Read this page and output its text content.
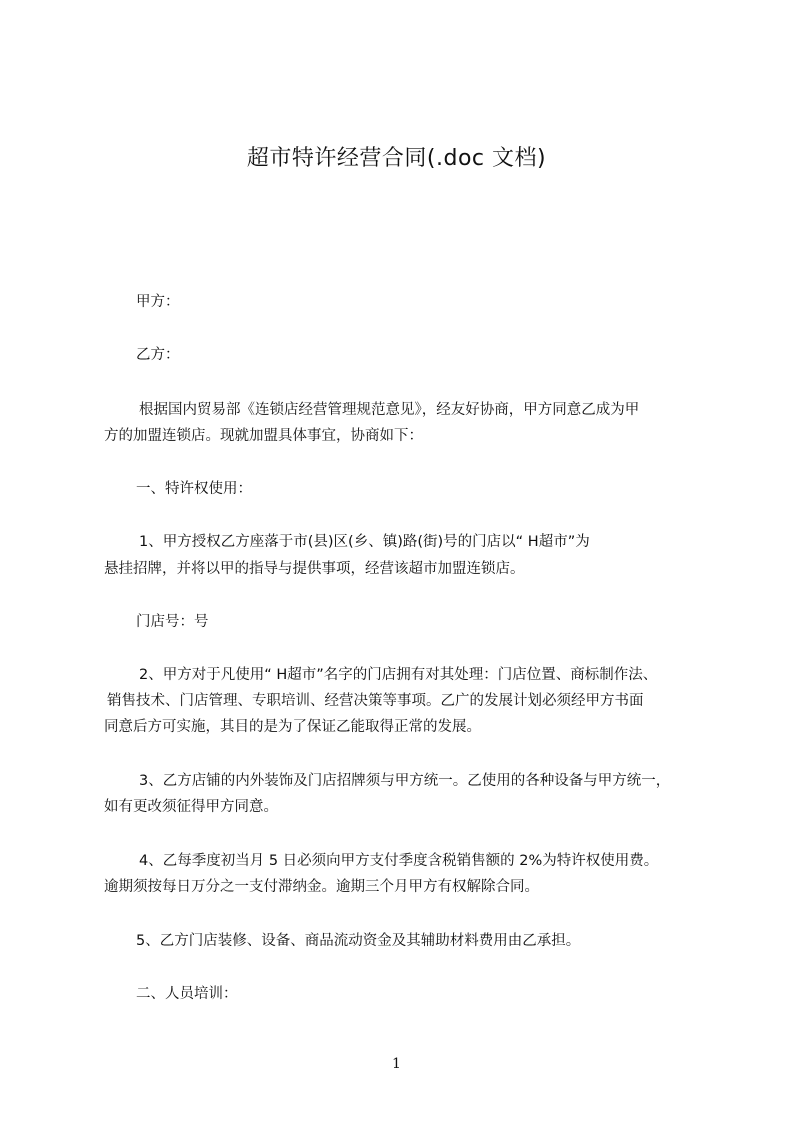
超市特许经营合同(.doc 文档)
甲方：
乙方：
根据国内贸易部《连锁店经营管理规范意见》，经友好协商，甲方同意乙成为甲
方的加盟连锁店。现就加盟具体事宜，协商如下：
一、特许权使用：
1、甲方授权乙方座落于市(县)区(乡、镇)路(街)号的门店以“ H超市”为
悬挂招牌，并将以甲的指导与提供事项，经营该超市加盟连锁店。
门店号：号
2、甲方对于凡使用“ H超市”名字的门店拥有对其处理：门店位置、商标制作法、
销售技术、门店管理、专职培训、经营决策等事项。乙广的发展计划必须经甲方书面
同意后方可实施，其目的是为了保证乙能取得正常的发展。
3、乙方店铺的内外装饰及门店招牌须与甲方统一。乙使用的各种设备与甲方统一，
如有更改须征得甲方同意。
4、乙每季度初当月 5 日必须向甲方支付季度含税销售额的 2%为特许权使用费。
逾期须按每日万分之一支付滞纳金。逾期三个月甲方有权解除合同。
5、乙方门店装修、设备、商品流动资金及其辅助材料费用由乙承担。
二、人员培训：
1
